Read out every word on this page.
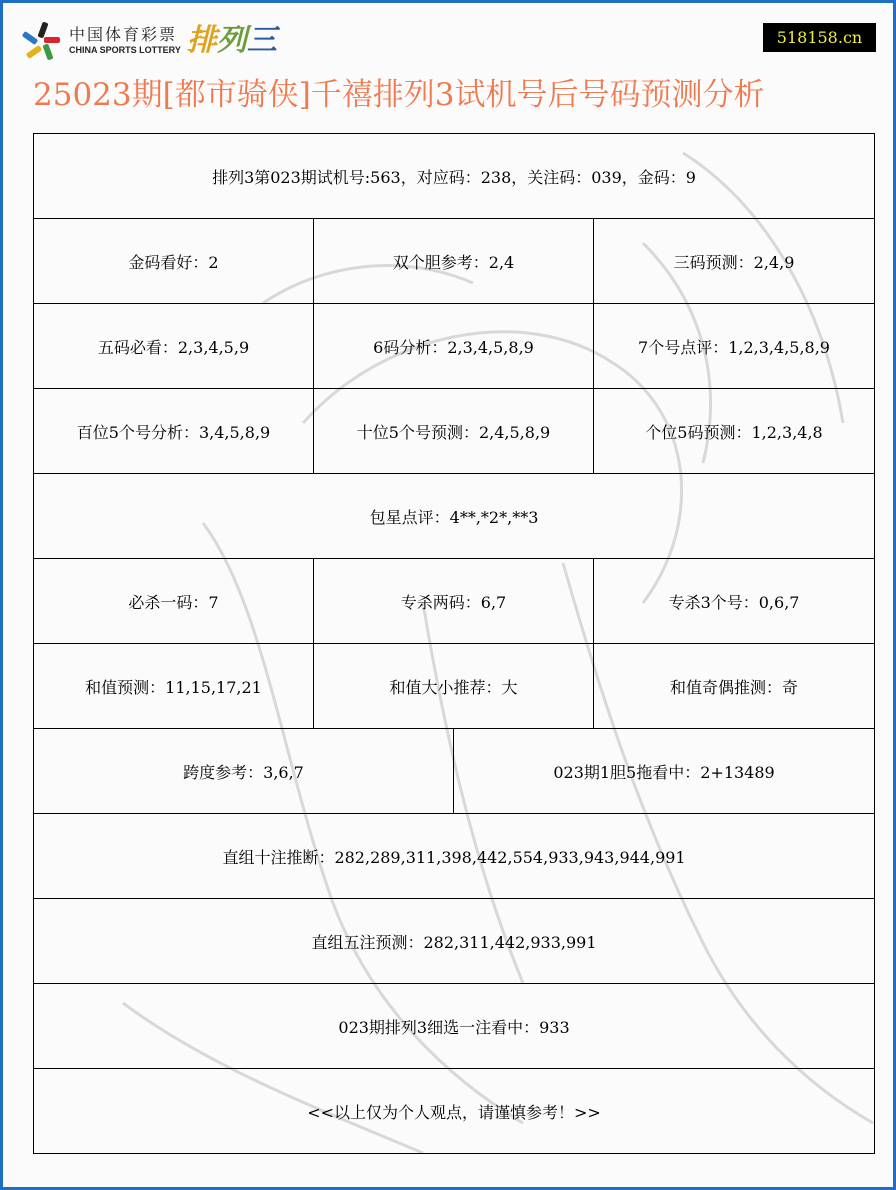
中国体育彩票
CHINA SPORTS LOTTERY 排列三	518158.cn
25023期[都市骑侠]千禧排列3试机号后号码预测分析
排列3第023期试机号:563，对应码：238，关注码：039，金码：9			
金码看好：2	双个胆参考：2,4		三码预测：2,4,9
五码必看：2,3,4,5,9	6码分析：2,3,4,5,8,9		7个号点评：1,2,3,4,5,8,9
百位5个号分析：3,4,5,8,9	十位5个号预测：2,4,5,8,9		个位5码预测：1,2,3,4,8
包星点评：4**,*2*,**3			
必杀一码：7	专杀两码：6,7		专杀3个号：0,6,7
和值预测：11,15,17,21	和值大小推荐：大		和值奇偶推测：奇
跨度参考：3,6,7		023期1胆5拖看中：2+13489	
直组十注推断：282,289,311,398,442,554,933,943,944,991			
直组五注预测：282,311,442,933,991			
023期排列3细选一注看中：933			
<<以上仅为个人观点，请谨慎参考！>>			
